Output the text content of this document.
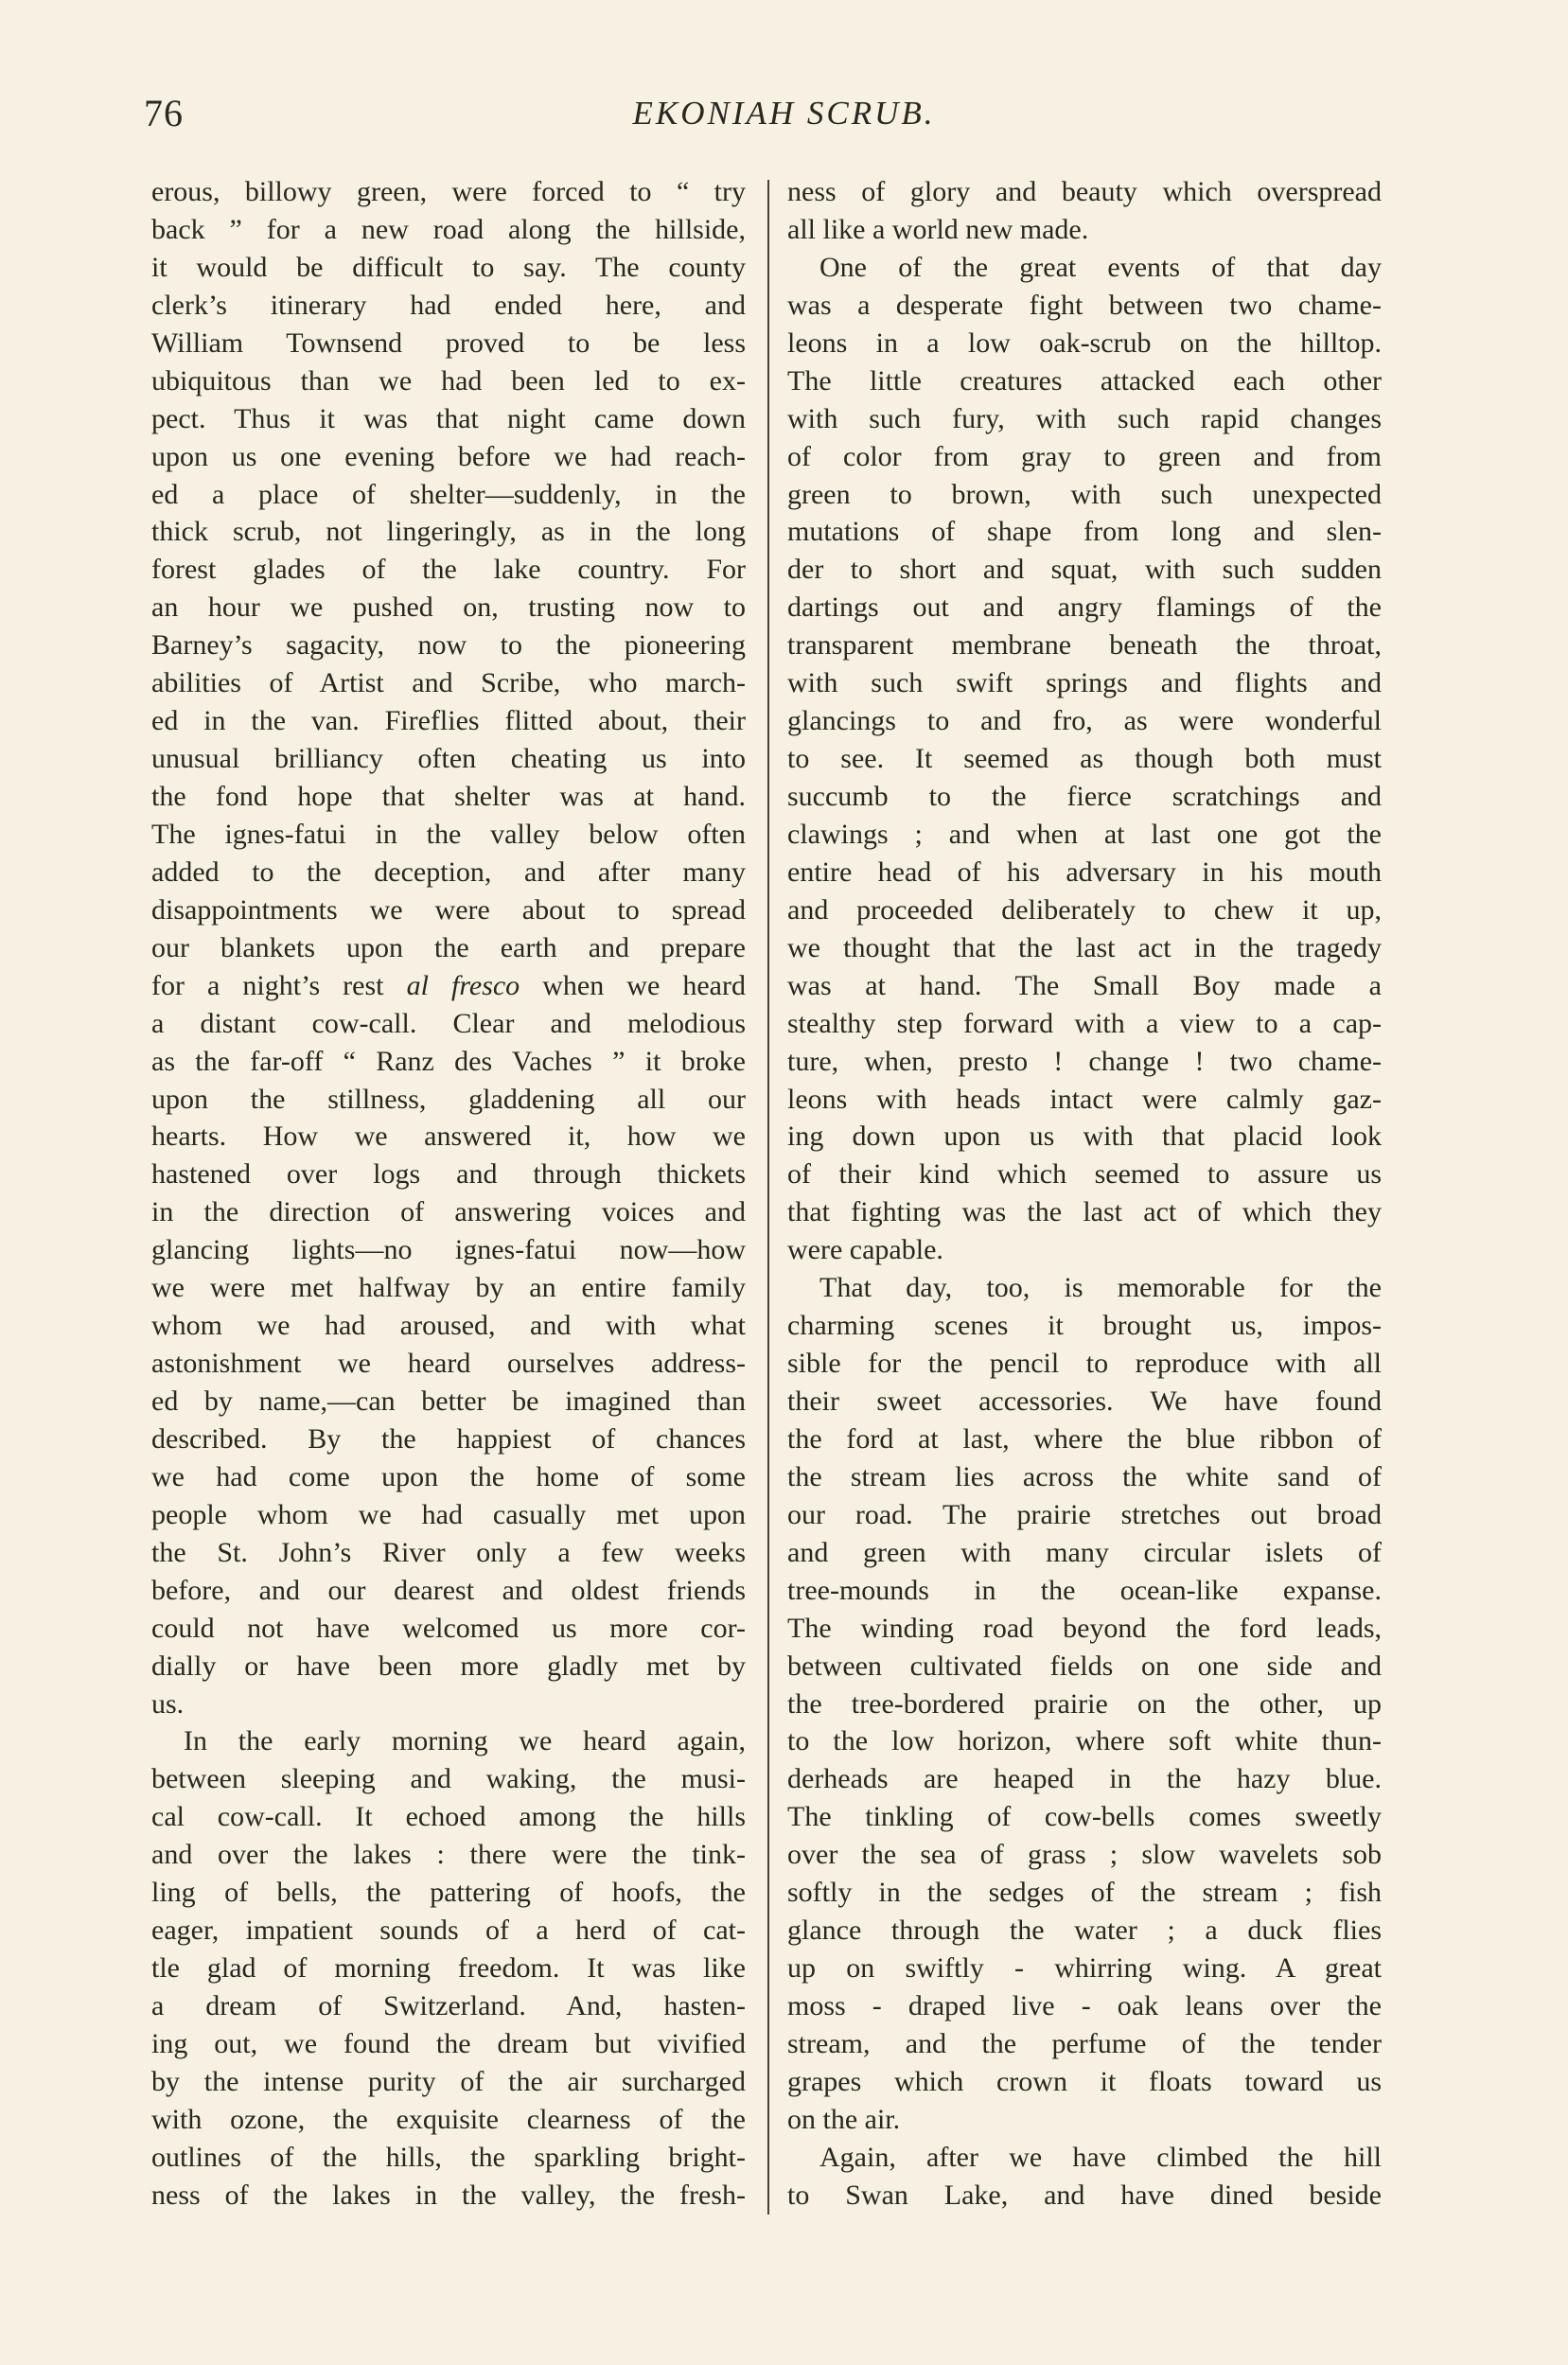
76	EKONIAH SCRUB.
erous, billowy green, were forced to “ try
back ” for a new road along the hillside,
it would be difficult to say. The county
clerk’s itinerary had ended here, and
William Townsend proved to be less
ubiquitous than we had been led to ex-
pect. Thus it was that night came down
upon us one evening before we had reach-
ed a place of shelter—suddenly, in the
thick scrub, not lingeringly, as in the long
forest glades of the lake country. For
an hour we pushed on, trusting now to
Barney’s sagacity, now to the pioneering
abilities of Artist and Scribe, who march-
ed in the van. Fireflies flitted about, their
unusual brilliancy often cheating us into
the fond hope that shelter was at hand.
The ignes-fatui in the valley below often
added to the deception, and after many
disappointments we were about to spread
our blankets upon the earth and prepare
for a night’s rest al fresco when we heard
a distant cow-call. Clear and melodious
as the far-off “ Ranz des Vaches ” it broke
upon the stillness, gladdening all our
hearts. How we answered it, how we
hastened over logs and through thickets
in the direction of answering voices and
glancing lights—no ignes-fatui now—how
we were met halfway by an entire family
whom we had aroused, and with what
astonishment we heard ourselves address-
ed by name,—can better be imagined than
described. By the happiest of chances
we had come upon the home of some
people whom we had casually met upon
the St. John’s River only a few weeks
before, and our dearest and oldest friends
could not have welcomed us more cor-
dially or have been more gladly met by
us.
In the early morning we heard again,
between sleeping and waking, the musi-
cal cow-call. It echoed among the hills
and over the lakes : there were the tink-
ling of bells, the pattering of hoofs, the
eager, impatient sounds of a herd of cat-
tle glad of morning freedom. It was like
a dream of Switzerland. And, hasten-
ing out, we found the dream but vivified
by the intense purity of the air surcharged
with ozone, the exquisite clearness of the
outlines of the hills, the sparkling bright-
ness of the lakes in the valley, the fresh-
ness of glory and beauty which overspread
all like a world new made.
One of the great events of that day
was a desperate fight between two chame-
leons in a low oak-scrub on the hilltop.
The little creatures attacked each other
with such fury, with such rapid changes
of color from gray to green and from
green to brown, with such unexpected
mutations of shape from long and slen-
der to short and squat, with such sudden
dartings out and angry flamings of the
transparent membrane beneath the throat,
with such swift springs and flights and
glancings to and fro, as were wonderful
to see. It seemed as though both must
succumb to the fierce scratchings and
clawings ; and when at last one got the
entire head of his adversary in his mouth
and proceeded deliberately to chew it up,
we thought that the last act in the tragedy
was at hand. The Small Boy made a
stealthy step forward with a view to a cap-
ture, when, presto ! change ! two chame-
leons with heads intact were calmly gaz-
ing down upon us with that placid look
of their kind which seemed to assure us
that fighting was the last act of which they
were capable.
That day, too, is memorable for the
charming scenes it brought us, impos-
sible for the pencil to reproduce with all
their sweet accessories. We have found
the ford at last, where the blue ribbon of
the stream lies across the white sand of
our road. The prairie stretches out broad
and green with many circular islets of
tree-mounds in the ocean-like expanse.
The winding road beyond the ford leads,
between cultivated fields on one side and
the tree-bordered prairie on the other, up
to the low horizon, where soft white thun-
derheads are heaped in the hazy blue.
The tinkling of cow-bells comes sweetly
over the sea of grass ; slow wavelets sob
softly in the sedges of the stream ; fish
glance through the water ; a duck flies
up on swiftly - whirring wing. A great
moss - draped live - oak leans over the
stream, and the perfume of the tender
grapes which crown it floats toward us
on the air.
Again, after we have climbed the hill
to Swan Lake, and have dined beside
